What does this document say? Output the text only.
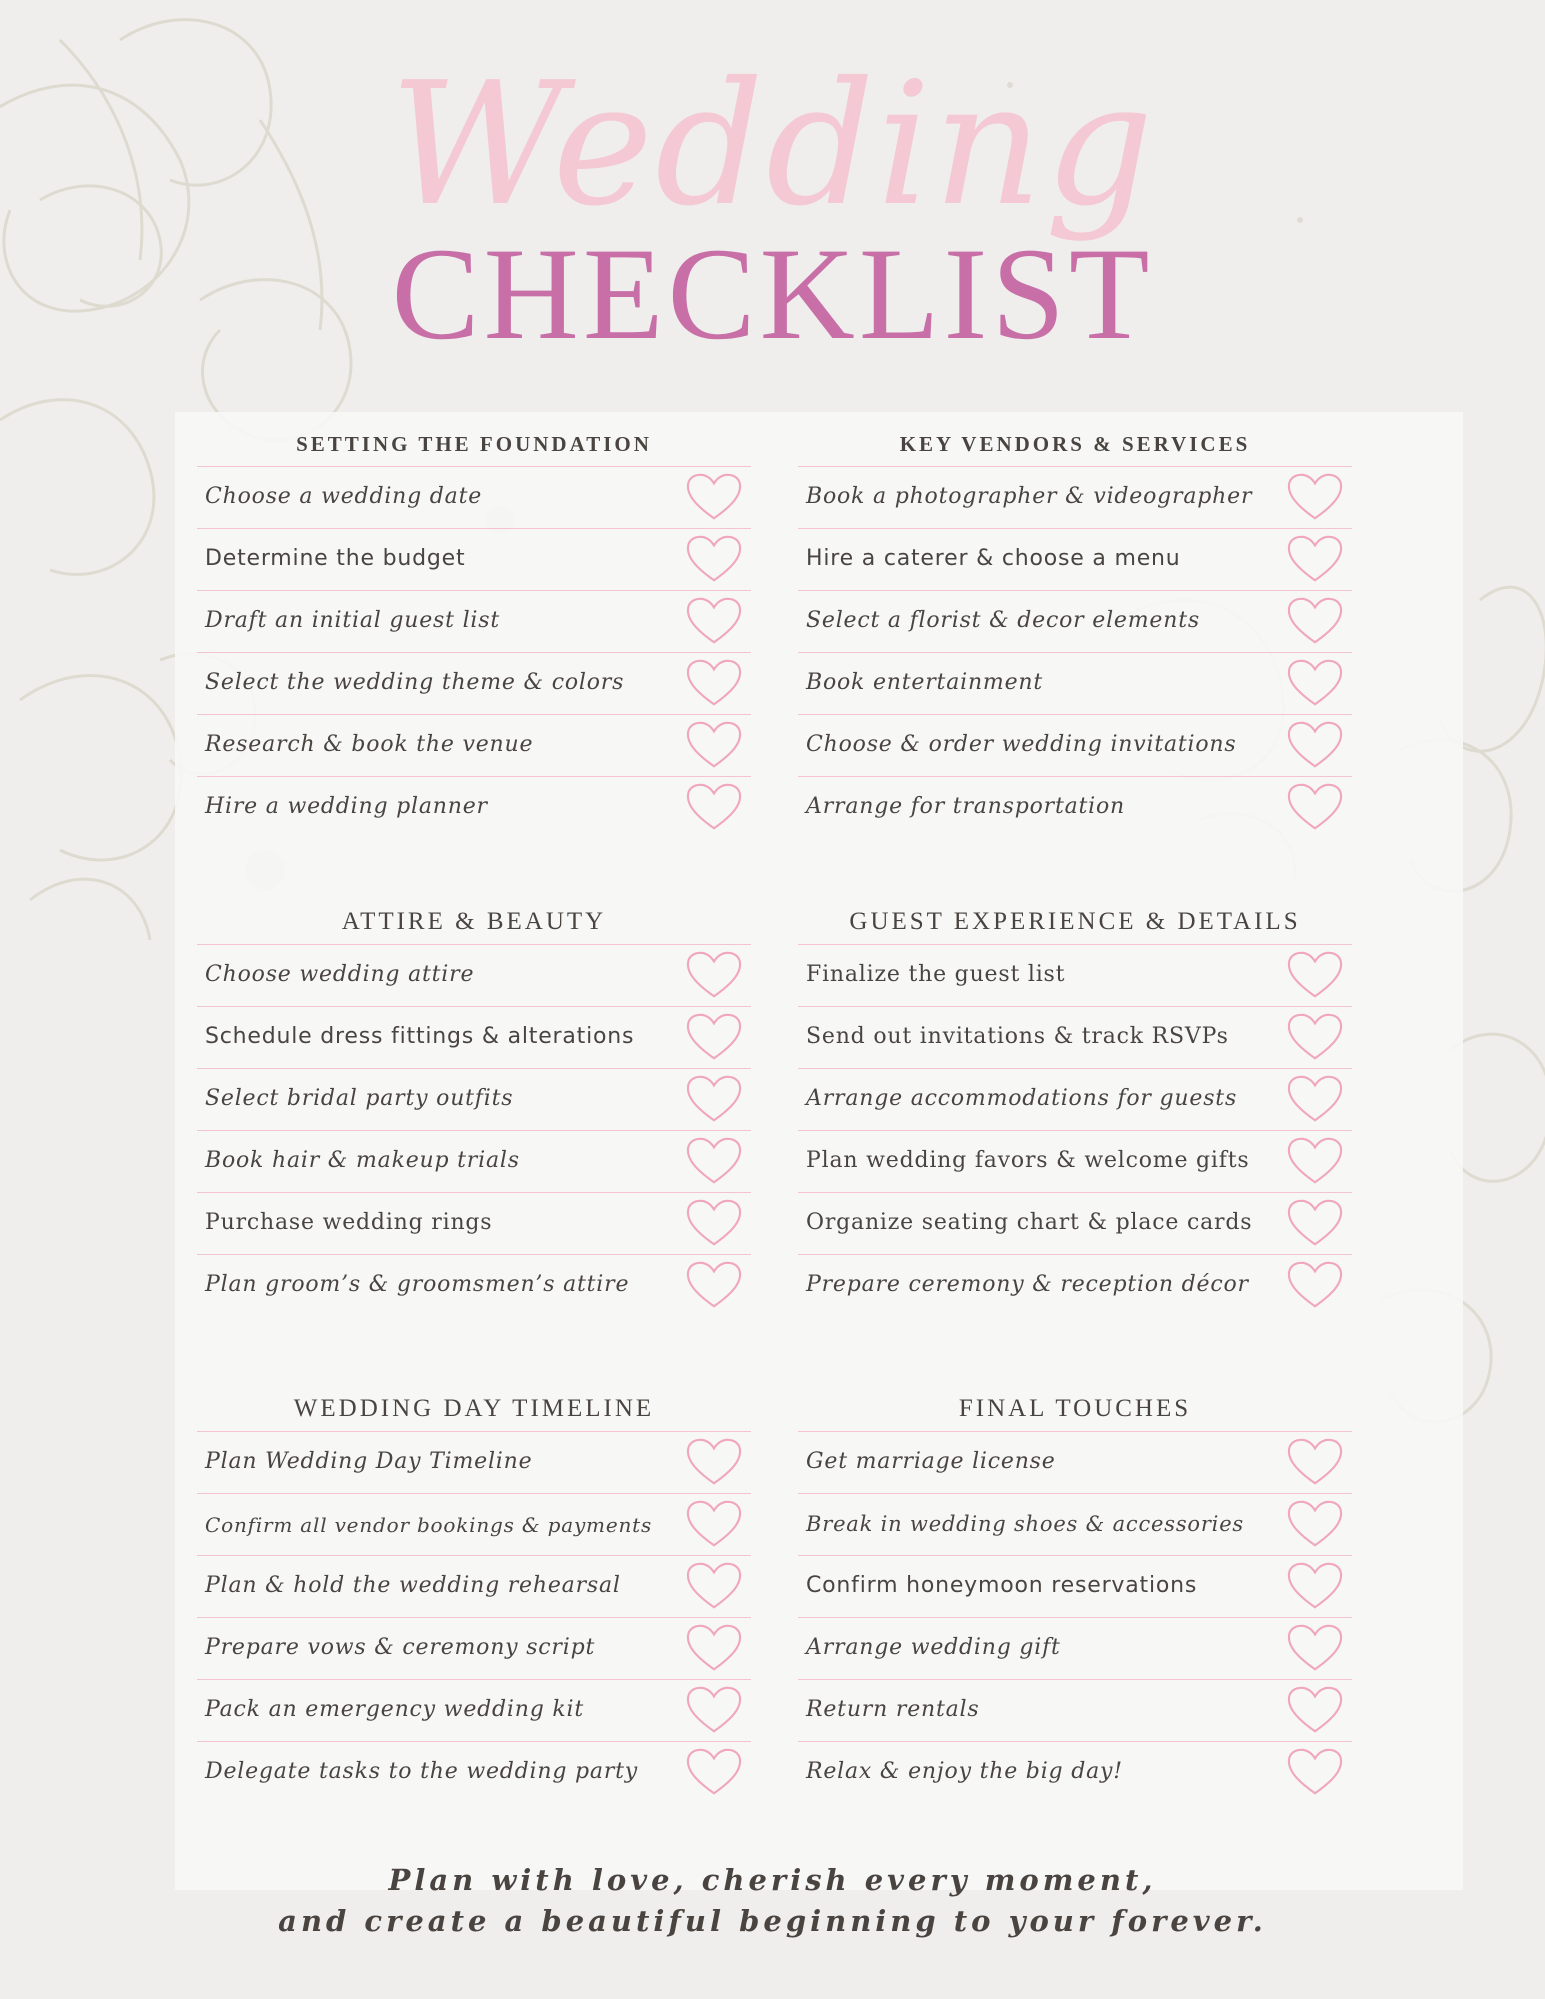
Wedding
CHECKLIST
SETTING THE FOUNDATION
Choose a wedding date
Determine the budget
Draft an initial guest list
Select the wedding theme & colors
Research & book the venue
Hire a wedding planner
KEY VENDORS & SERVICES
Book a photographer & videographer
Hire a caterer & choose a menu
Select a florist & decor elements
Book entertainment
Choose & order wedding invitations
Arrange for transportation
ATTIRE & BEAUTY
Choose wedding attire
Schedule dress fittings & alterations
Select bridal party outfits
Book hair & makeup trials
Purchase wedding rings
Plan groom’s & groomsmen’s attire
GUEST EXPERIENCE & DETAILS
Finalize the guest list
Send out invitations & track RSVPs
Arrange accommodations for guests
Plan wedding favors & welcome gifts
Organize seating chart & place cards
Prepare ceremony & reception décor
WEDDING DAY TIMELINE
Plan Wedding Day Timeline
Confirm all vendor bookings & payments
Plan & hold the wedding rehearsal
Prepare vows & ceremony script
Pack an emergency wedding kit
Delegate tasks to the wedding party
FINAL TOUCHES
Get marriage license
Break in wedding shoes & accessories
Confirm honeymoon reservations
Arrange wedding gift
Return rentals
Relax & enjoy the big day!
Plan with love, cherish every moment,
and create a beautiful beginning to your forever.
